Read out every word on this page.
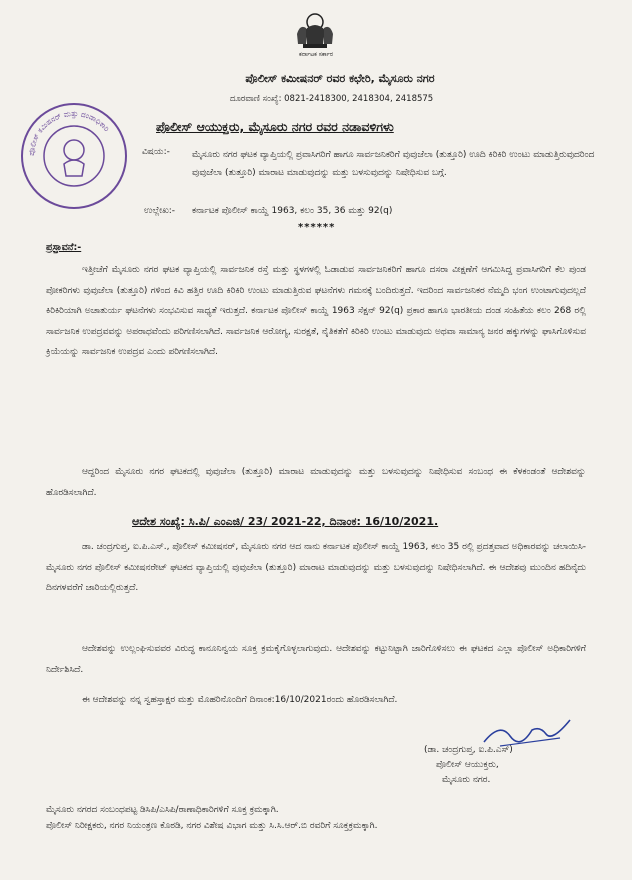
ಕರ್ನಾಟಕ ಸರ್ಕಾರ
ಪೊಲೀಸ್ ಕಮೀಷನರ್ ರವರ ಕಛೇರಿ, ಮೈಸೂರು ನಗರ
ದೂರವಾಣಿ ಸಂಖ್ಯೆ: 0821-2418300, 2418304, 2418575
ಪೊಲೀಸ್ ಕಮಿಷನರ್ ಮತ್ತು ದಂಡಾಧಿಕಾರಿ	ಪೊಲೀಸ್ ಆಯುಕ್ತರು, ಮೈಸೂರು ನಗರ ರವರ ನಡಾವಳಿಗಳು
ವಿಷಯ:- ಮೈಸೂರು ನಗರ ಘಟಕ ವ್ಯಾಪ್ತಿಯಲ್ಲಿ ಪ್ರವಾಸಿಗರಿಗೆ ಹಾಗೂ ಸಾರ್ವಜನಿಕರಿಗೆ ವುವುಜೆಲಾ (ತುತ್ತೂರಿ) ಊದಿ ಕಿರಿಕಿರಿ ಉಂಟು ಮಾಡುತ್ತಿರುವುದರಿಂದ ವುವುಜೆಲಾ (ತುತ್ತೂರಿ) ಮಾರಾಟ ಮಾಡುವುದನ್ನು ಮತ್ತು ಬಳಸುವುದನ್ನು ನಿಷೇಧಿಸುವ ಬಗ್ಗೆ.
ಉಲ್ಲೇಖ:- ಕರ್ನಾಟಕ ಪೊಲೀಸ್ ಕಾಯ್ದೆ 1963, ಕಲಂ 35, 36 ಮತ್ತು 92(q)
******
ಪ್ರಸ್ತಾವನೆ:-
ಇತ್ತೀಚೆಗೆ ಮೈಸೂರು ನಗರ ಘಟಕ ವ್ಯಾಪ್ತಿಯಲ್ಲಿ ಸಾರ್ವಜನಿಕ ರಸ್ತೆ ಮತ್ತು ಸ್ಥಳಗಳಲ್ಲಿ ಓಡಾಡುವ ಸಾರ್ವಜನಿಕರಿಗೆ ಹಾಗೂ ದಸರಾ ವೀಕ್ಷಣೆಗೆ ಆಗಮಿಸಿದ್ದ ಪ್ರವಾಸಿಗರಿಗೆ ಕೆಲ ಪುಂಡ ಪೋಕರಿಗಳು ವುವುಜೆಲಾ (ತುತ್ತೂರಿ) ಗಳಿಂದ ಕಿವಿ ಹತ್ತಿರ ಊದಿ ಕಿರಿಕಿರಿ ಉಂಟು ಮಾಡುತ್ತಿರುವ ಘಟನೆಗಳು ಗಮನಕ್ಕೆ ಬಂದಿರುತ್ತದೆ. ಇದರಿಂದ ಸಾರ್ವಜನಿಕರ ನೆಮ್ಮದಿ ಭಂಗ ಉಂಟಾಗುವುದಲ್ಲದೆ ಕಿರಿಕಿರಿಯಾಗಿ ಅಚಾತುರ್ಯ ಘಟನೆಗಳು ಸಂಭವಿಸುವ ಸಾಧ್ಯತೆ ಇರುತ್ತದೆ. ಕರ್ನಾಟಕ ಪೊಲೀಸ್ ಕಾಯ್ದೆ 1963 ಸೆಕ್ಷನ್ 92(q) ಪ್ರಕಾರ ಹಾಗೂ ಭಾರತೀಯ ದಂಡ ಸಂಹಿತೆಯ ಕಲಂ 268 ರಲ್ಲಿ ಸಾರ್ವಜನಿಕ ಉಪದ್ರವವನ್ನು ಅಪರಾಧವೆಂದು ಪರಿಗಣಿಸಲಾಗಿದೆ. ಸಾರ್ವಜನಿಕ ಆರೋಗ್ಯ, ಸುರಕ್ಷತೆ, ನೈತಿಕತೆಗೆ ಕಿರಿಕಿರಿ ಉಂಟು ಮಾಡುವುದು ಅಥವಾ ಸಾಮಾನ್ಯ ಜನರ ಹಕ್ಕುಗಳನ್ನು ಘಾಸಿಗೊಳಿಸುವ ಕ್ರಿಯೆಯನ್ನು ಸಾರ್ವಜನಿಕ ಉಪದ್ರವ ಎಂದು ಪರಿಗಣಿಸಲಾಗಿದೆ.
ಆದ್ದರಿಂದ ಮೈಸೂರು ನಗರ ಘಟಕದಲ್ಲಿ ವುವುಜೆಲಾ (ತುತ್ತೂರಿ) ಮಾರಾಟ ಮಾಡುವುದನ್ನು ಮತ್ತು ಬಳಸುವುದನ್ನು ನಿಷೇಧಿಸುವ ಸಂಬಂಧ ಈ ಕೆಳಕಂಡಂತೆ ಆದೇಶವನ್ನು ಹೊರಡಿಸಲಾಗಿದೆ.
ಆದೇಶ ಸಂಖ್ಯೆ: ಸಿ.ಪಿ/ ಎಂಎಜಿ/ 23/ 2021-22, ದಿನಾಂಕ: 16/10/2021.
ಡಾ. ಚಂದ್ರಗುಪ್ತ, ಐ.ಪಿ.ಎಸ್., ಪೊಲೀಸ್ ಕಮೀಷನರ್, ಮೈಸೂರು ನಗರ ಆದ ನಾನು ಕರ್ನಾಟಕ ಪೊಲೀಸ್ ಕಾಯ್ದೆ 1963, ಕಲಂ 35 ರಲ್ಲಿ ಪ್ರದತ್ತವಾದ ಅಧಿಕಾರವನ್ನು ಚಲಾಯಿಸಿ- ಮೈಸೂರು ನಗರ ಪೊಲೀಸ್ ಕಮೀಷನರೇಟ್ ಘಟಕದ ವ್ಯಾಪ್ತಿಯಲ್ಲಿ ವುವುಜೆಲಾ (ತುತ್ತೂರಿ) ಮಾರಾಟ ಮಾಡುವುದನ್ನು ಮತ್ತು ಬಳಸುವುದನ್ನು ನಿಷೇಧಿಸಲಾಗಿದೆ. ಈ ಆದೇಶವು ಮುಂದಿನ ಹದಿನೈದು ದಿನಗಳವರೆಗೆ ಜಾರಿಯಲ್ಲಿರುತ್ತದೆ.
ಆದೇಶವನ್ನು ಉಲ್ಲಂಘಿಸುವವರ ವಿರುದ್ಧ ಕಾನೂನಿನ್ವಯ ಸೂಕ್ತ ಕ್ರಮಕೈಗೊಳ್ಳಲಾಗುವುದು. ಆದೇಶವನ್ನು ಕಟ್ಟುನಿಟ್ಟಾಗಿ ಜಾರಿಗೊಳಿಸಲು ಈ ಘಟಕದ ಎಲ್ಲಾ ಪೊಲೀಸ್ ಅಧಿಕಾರಿಗಳಿಗೆ ನಿರ್ದೇಶಿಸಿದೆ.
ಈ ಆದೇಶವನ್ನು ನನ್ನ ಸ್ವಹಸ್ತಾಕ್ಷರ ಮತ್ತು ಮೊಹರಿನೊಂದಿಗೆ ದಿನಾಂಕ:16/10/2021ರಂದು ಹೊರಡಿಸಲಾಗಿದೆ.
(ಡಾ. ಚಂದ್ರಗುಪ್ತ, ಐ.ಪಿ.ಎಸ್)
ಪೊಲೀಸ್ ಆಯುಕ್ತರು,
ಮೈಸೂರು ನಗರ.
ಮೈಸೂರು ನಗರದ ಸಂಬಂಧಪಟ್ಟ ಡಿಸಿಪಿ/ಎಸಿಪಿ/ಠಾಣಾಧಿಕಾರಿಗಳಿಗೆ ಸೂಕ್ತ ಕ್ರಮಕ್ಕಾಗಿ.
ಪೊಲೀಸ್ ನಿರೀಕ್ಷಕರು, ನಗರ ನಿಯಂತ್ರಣ ಕೊಠಡಿ, ನಗರ ವಿಶೇಷ ವಿಭಾಗ ಮತ್ತು ಸಿ.ಸಿ.ಆರ್.ಬಿ ರವರಿಗೆ ಸೂಕ್ತಕ್ರಮಕ್ಕಾಗಿ.
